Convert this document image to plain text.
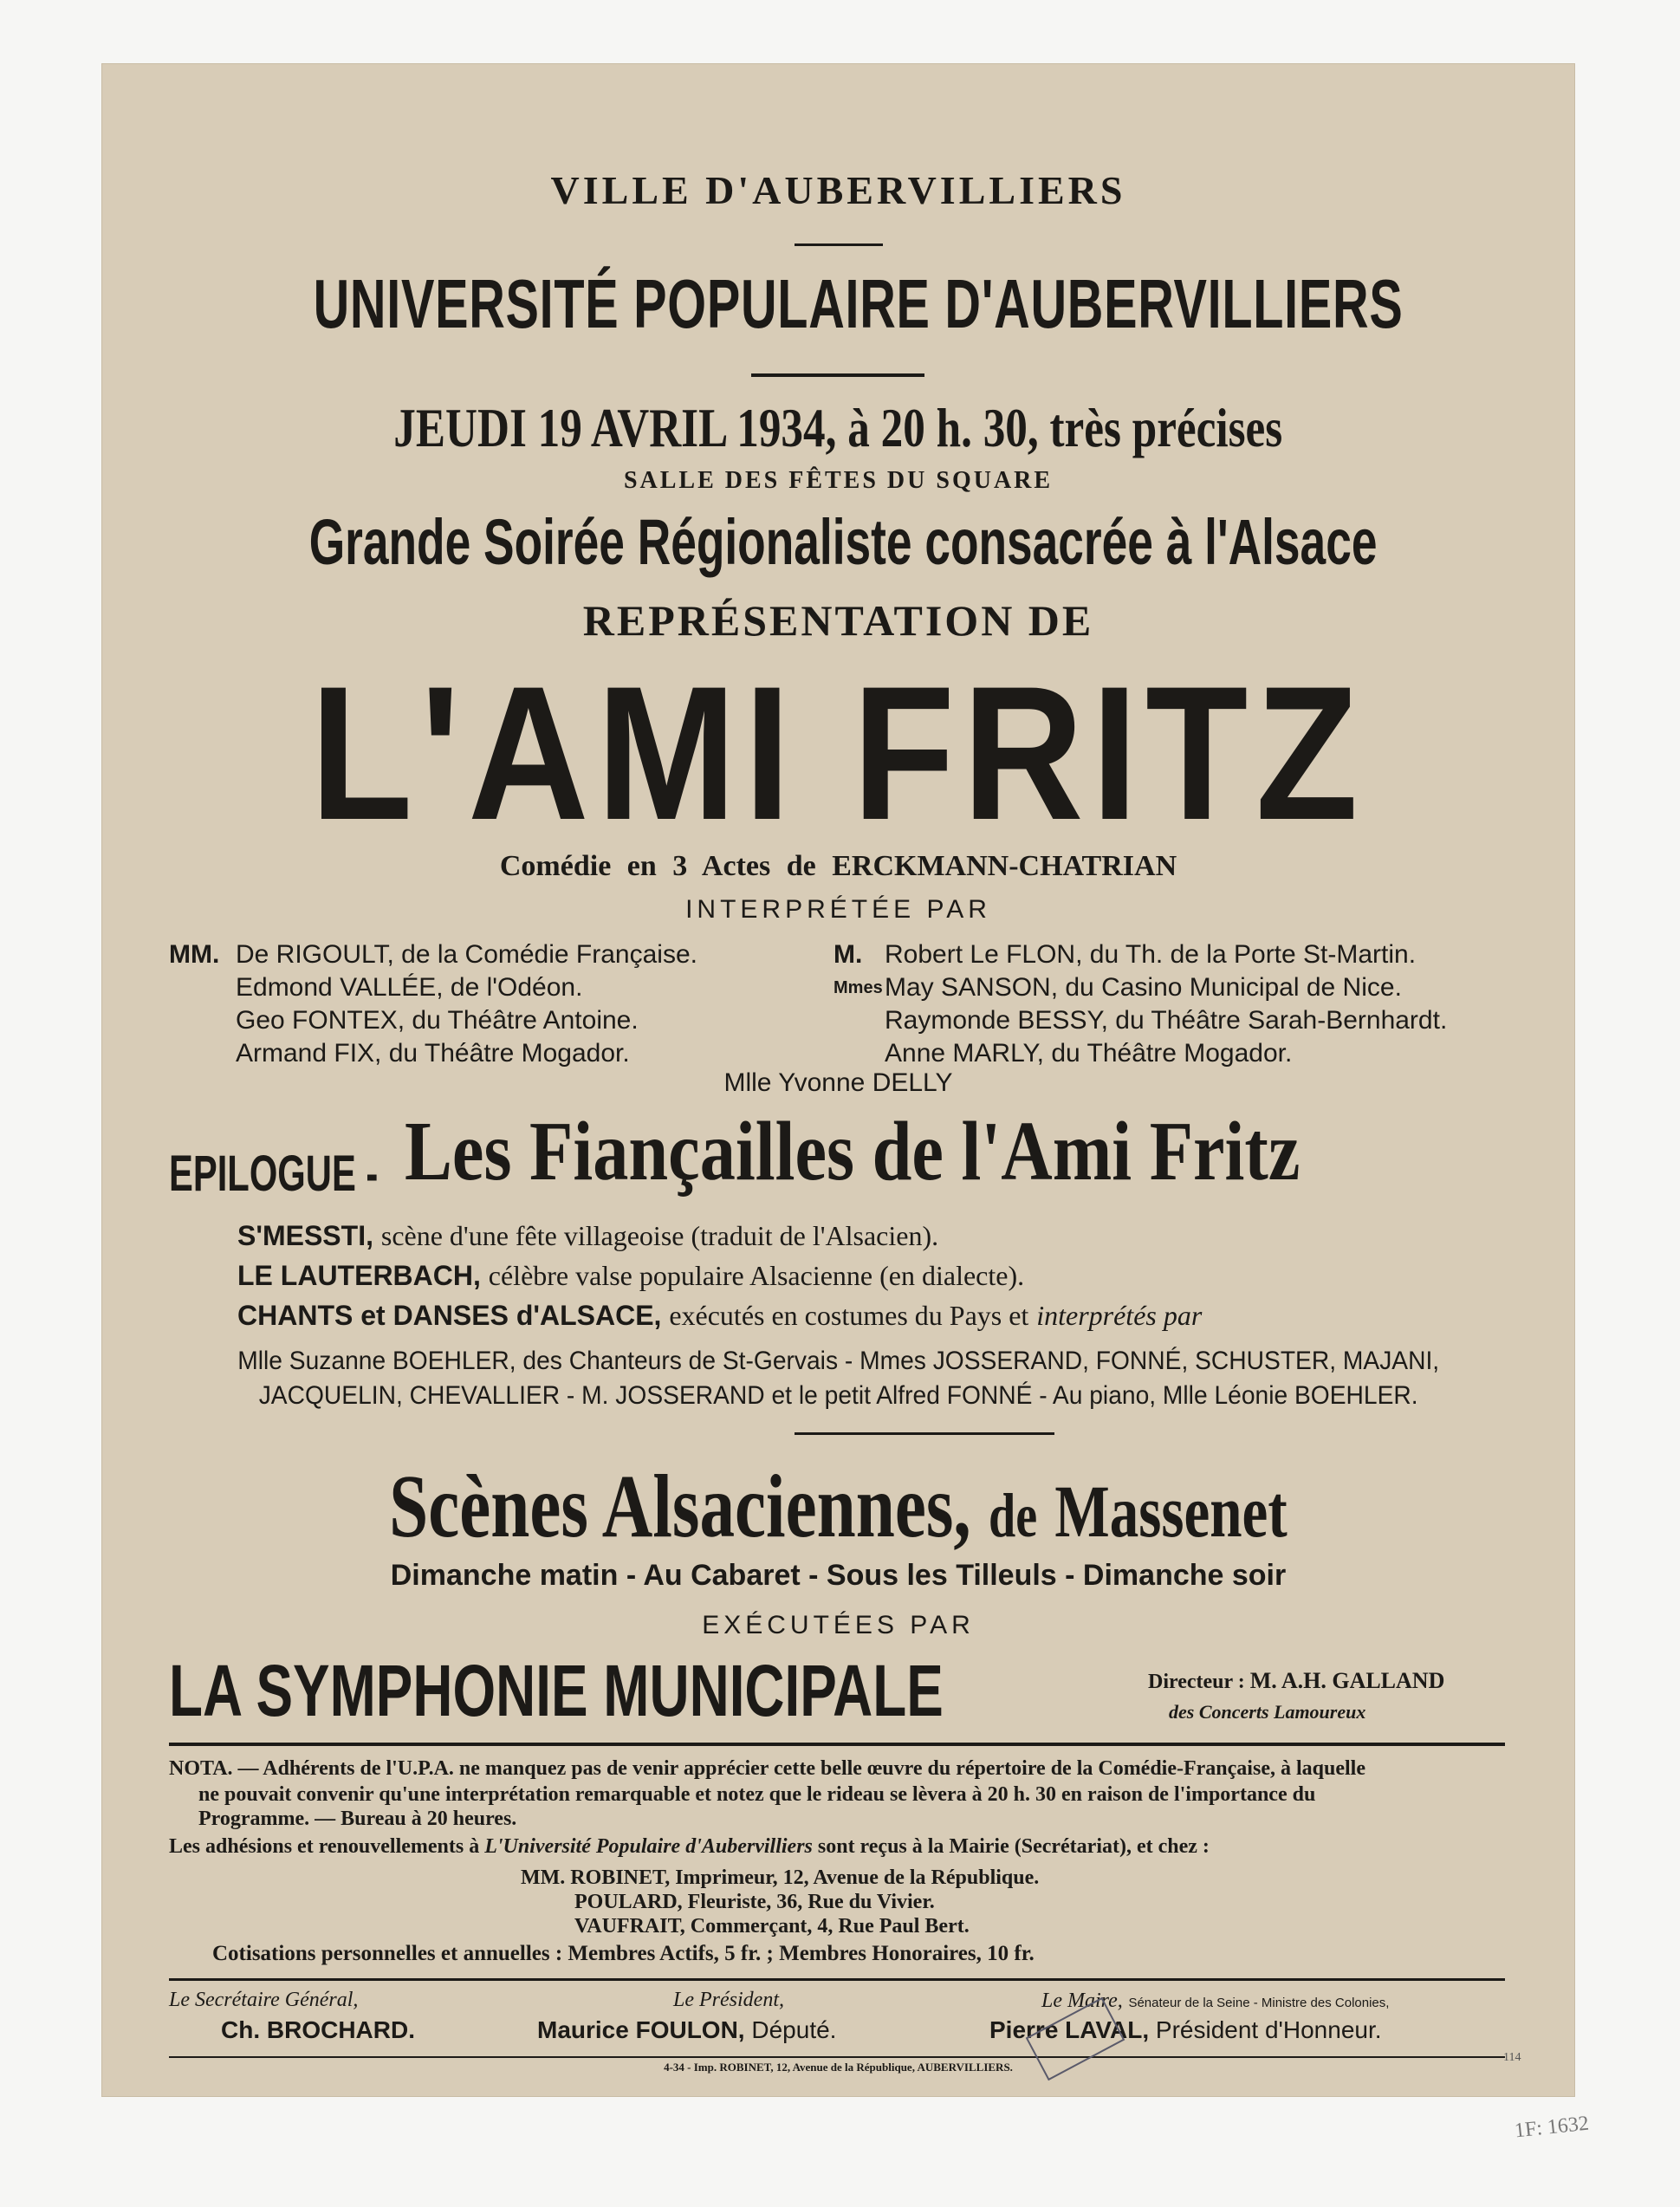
VILLE D'AUBERVILLIERS
UNIVERSITÉ POPULAIRE D'AUBERVILLIERS
JEUDI 19 AVRIL 1934, à 20 h. 30, très précises
SALLE DES FÊTES DU SQUARE
Grande Soirée Régionaliste consacrée à l'Alsace
REPRÉSENTATION DE
L'AMI FRITZ
Comédie en 3 Actes de ERCKMANN-CHATRIAN
INTERPRÉTÉE PAR
MM. De RIGOULT, de la Comédie Française.
Edmond VALLÉE, de l'Odéon.
Geo FONTEX, du Théâtre Antoine.
Armand FIX, du Théâtre Mogador.
M.
Mmes
Robert Le FLON, du Th. de la Porte St-Martin.
May SANSON, du Casino Municipal de Nice.
Raymonde BESSY, du Théâtre Sarah-Bernhardt.
Anne MARLY, du Théâtre Mogador.
Mlle Yvonne DELLY
EPILOGUE - Les Fiançailles de l'Ami Fritz
S'MESSTI, scène d'une fête villageoise (traduit de l'Alsacien).
LE LAUTERBACH, célèbre valse populaire Alsacienne (en dialecte).
CHANTS et DANSES d'ALSACE, exécutés en costumes du Pays et interprétés par
Mlle Suzanne BOEHLER, des Chanteurs de St-Gervais - Mmes JOSSERAND, FONNÉ, SCHUSTER, MAJANI,
JACQUELIN, CHEVALLIER - M. JOSSERAND et le petit Alfred FONNÉ - Au piano, Mlle Léonie BOEHLER.
Scènes Alsaciennes, de Massenet
Dimanche matin - Au Cabaret - Sous les Tilleuls - Dimanche soir
EXÉCUTÉES PAR
LA SYMPHONIE MUNICIPALE	Directeur : M. A.H. GALLAND
des Concerts Lamoureux
NOTA. — Adhérents de l'U.P.A. ne manquez pas de venir apprécier cette belle œuvre du répertoire de la Comédie-Française, à laquelle
ne pouvait convenir qu'une interprétation remarquable et notez que le rideau se lèvera à 20 h. 30 en raison de l'importance du
Programme. — Bureau à 20 heures.
Les adhésions et renouvellements à L'Université Populaire d'Aubervilliers sont reçus à la Mairie (Secrétariat), et chez :
MM. ROBINET, Imprimeur, 12, Avenue de la République.
POULARD, Fleuriste, 36, Rue du Vivier.
VAUFRAIT, Commerçant, 4, Rue Paul Bert.
Cotisations personnelles et annuelles : Membres Actifs, 5 fr. ; Membres Honoraires, 10 fr.
Le Secrétaire Général,
Ch. BROCHARD.
Le Président,
Maurice FOULON, Député.
Le Maire, Sénateur de la Seine - Ministre des Colonies,
Pierre LAVAL, Président d'Honneur.
4-34 - Imp. ROBINET, 12, Avenue de la République, AUBERVILLIERS.
114
1F: 1632
